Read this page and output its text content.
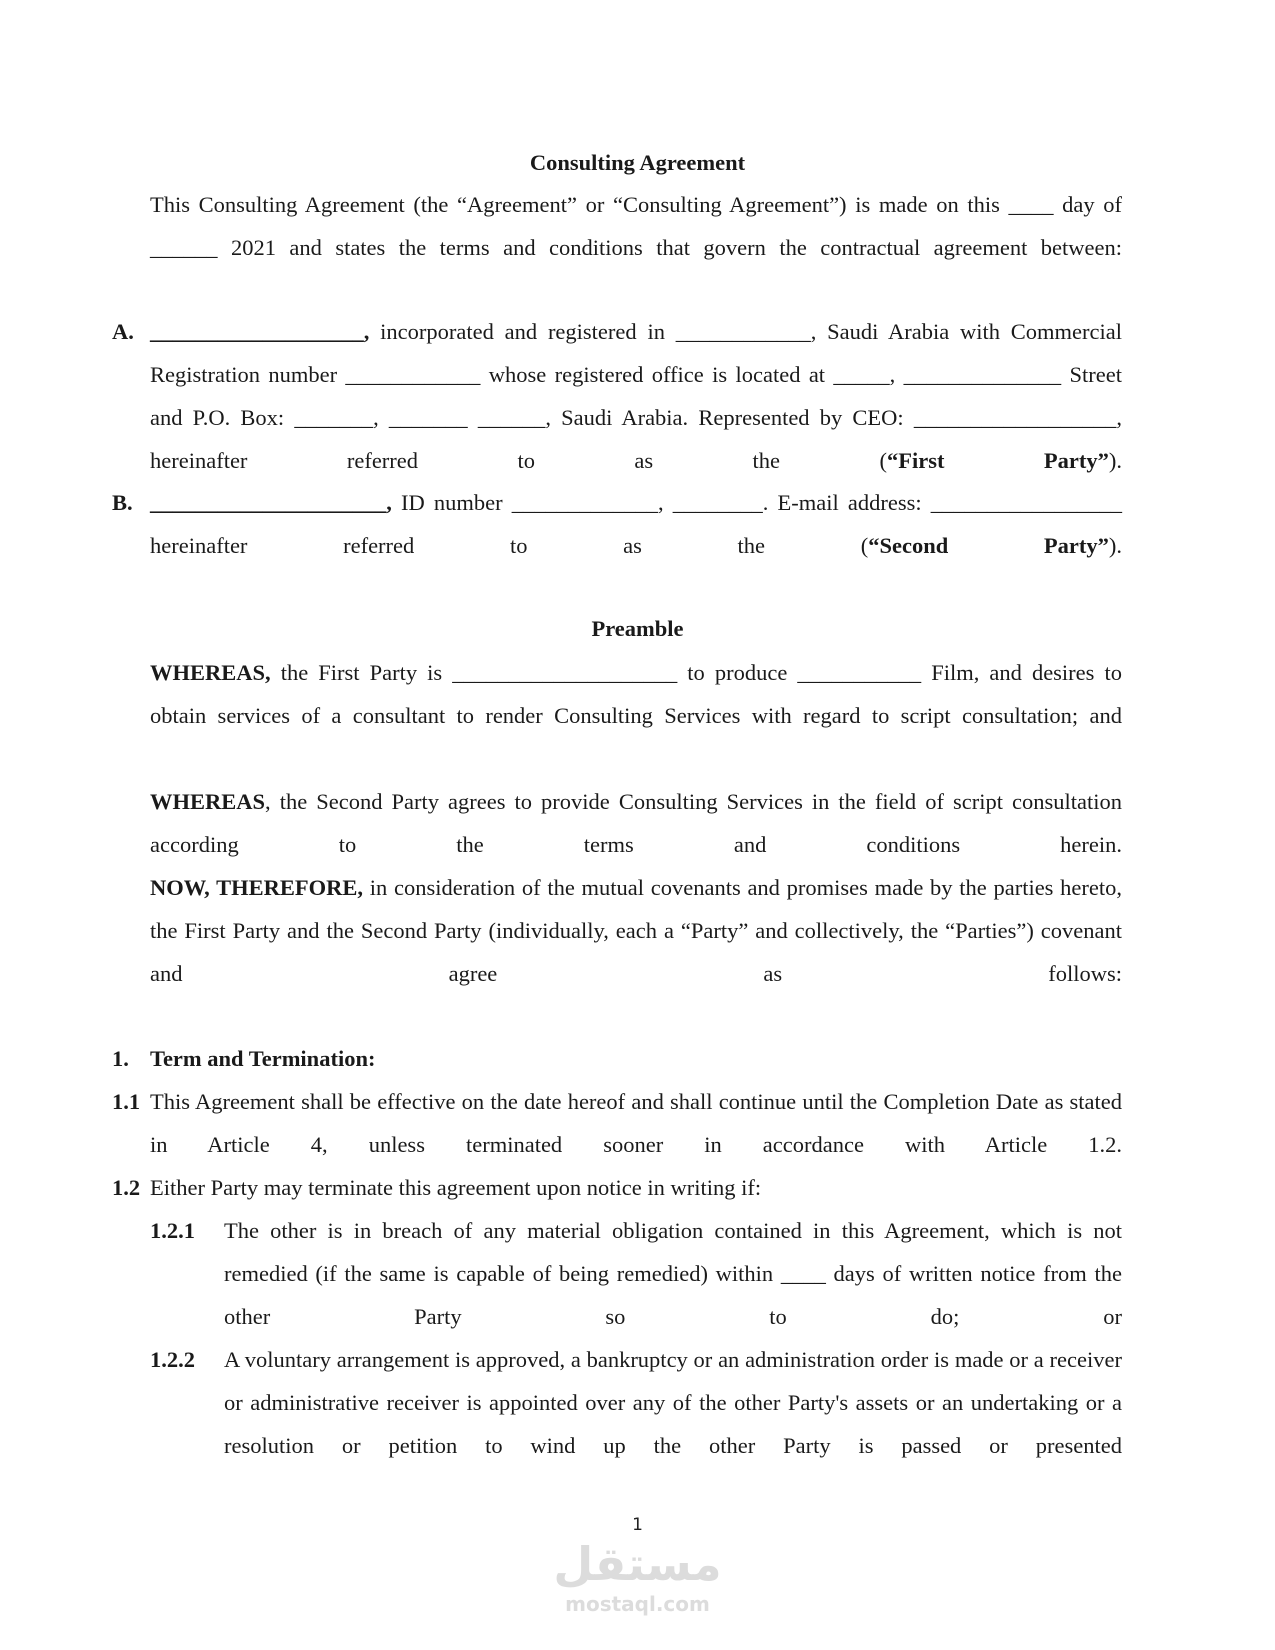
Consulting Agreement
This Consulting Agreement (the “Agreement” or “Consulting Agreement”) is made on this ____ day of ______ 2021 and states the terms and conditions that govern the contractual agreement between:
A. ___________________, incorporated and registered in ____________, Saudi Arabia with Commercial Registration number ____________ whose registered office is located at _____, ______________ Street and P.O. Box: _______, _______ ______, Saudi Arabia. Represented by CEO: __________________, hereinafter referred to as the (“First Party”).
B. _____________________, ID number _____________, ________. E-mail address: _________________ hereinafter referred to as the (“Second Party”).
Preamble
WHEREAS, the First Party is ____________________ to produce ___________ Film, and desires to obtain services of a consultant to render Consulting Services with regard to script consultation; and
WHEREAS, the Second Party agrees to provide Consulting Services in the field of script consultation according to the terms and conditions herein.
NOW, THEREFORE, in consideration of the mutual covenants and promises made by the parties hereto, the First Party and the Second Party (individually, each a “Party” and collectively, the “Parties”) covenant and agree as follows:
1. Term and Termination:
1.1 This Agreement shall be effective on the date hereof and shall continue until the Completion Date as stated in Article 4, unless terminated sooner in accordance with Article 1.2.
1.2 Either Party may terminate this agreement upon notice in writing if:
1.2.1 The other is in breach of any material obligation contained in this Agreement, which is not remedied (if the same is capable of being remedied) within ____ days of written notice from the other Party so to do; or
1.2.2 A voluntary arrangement is approved, a bankruptcy or an administration order is made or a receiver or administrative receiver is appointed over any of the other Party's assets or an undertaking or a resolution or petition to wind up the other Party is passed or presented
1
مستقل
mostaql.com
